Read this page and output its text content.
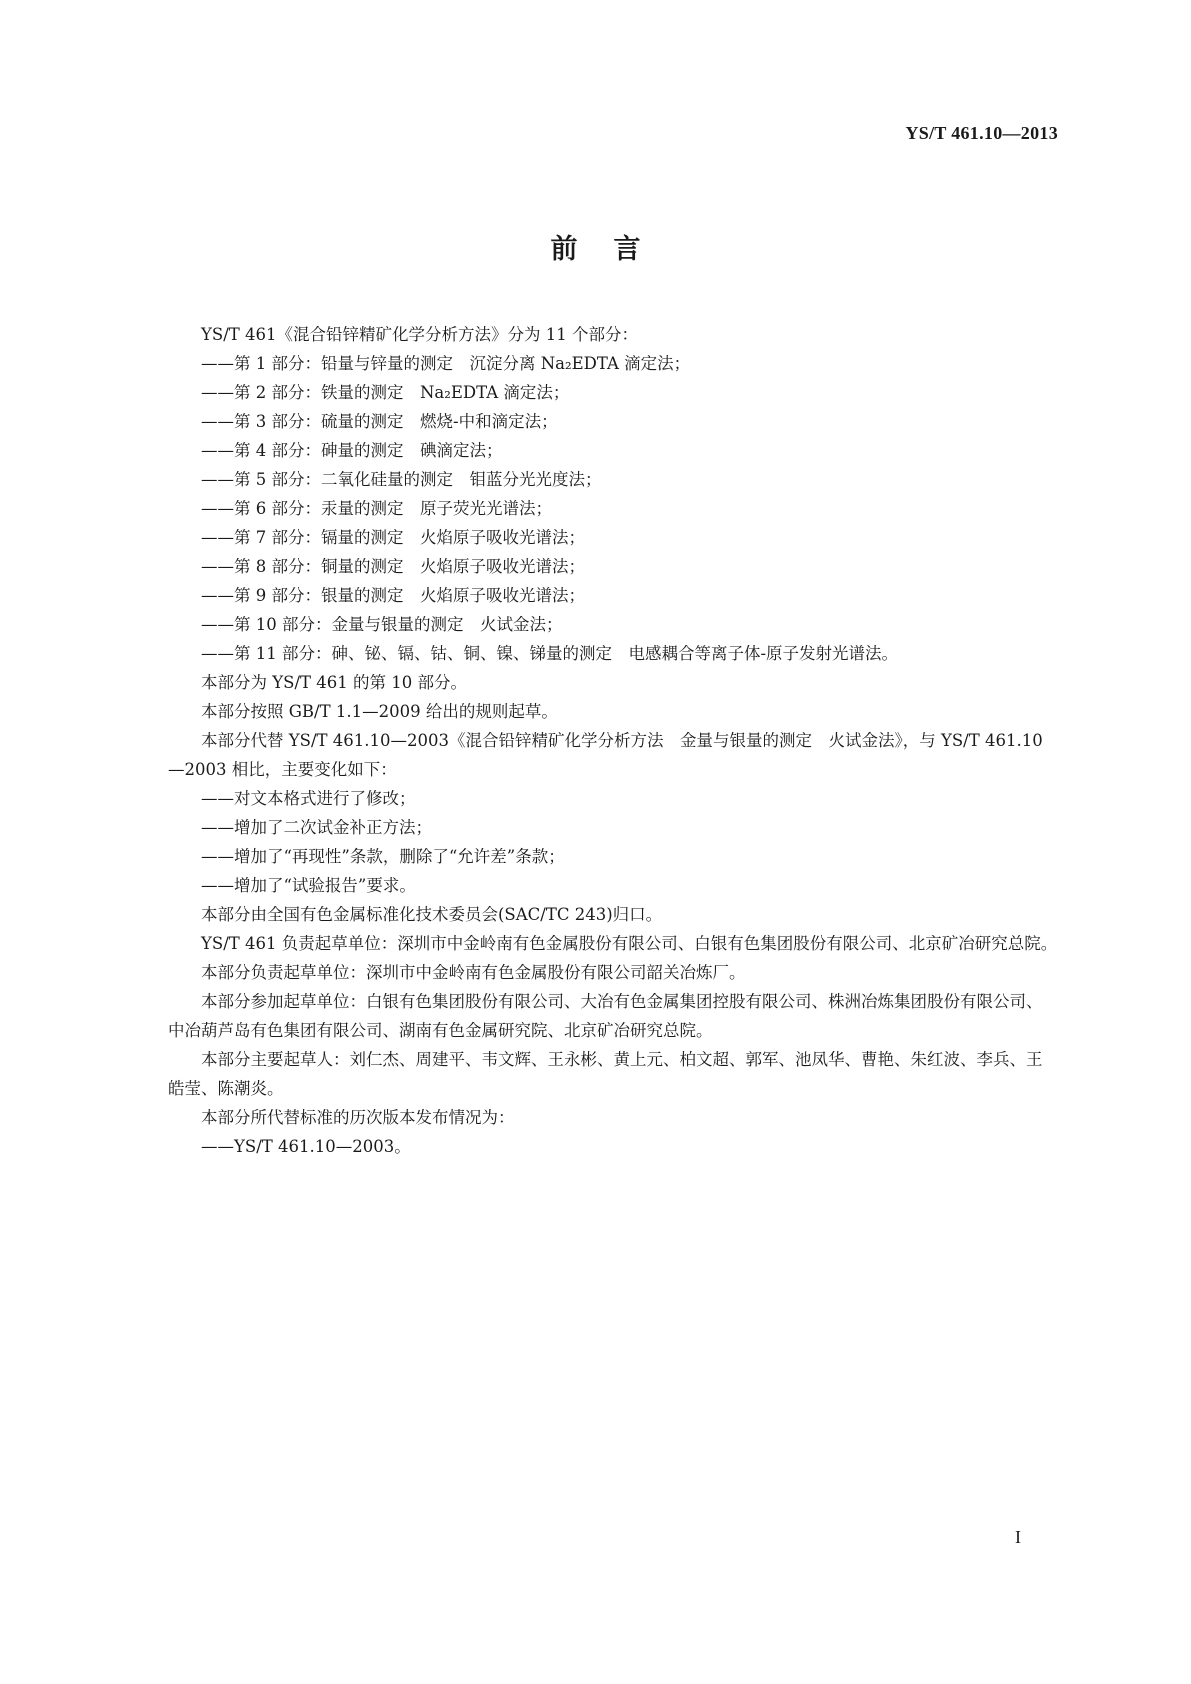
YS/T 461.10—2013
前言

YS/T 461《混合铅锌精矿化学分析方法》分为 11 个部分：

——第 1 部分：铅量与锌量的测定　沉淀分离 Na₂EDTA 滴定法；

——第 2 部分：铁量的测定　Na₂EDTA 滴定法；

——第 3 部分：硫量的测定　燃烧-中和滴定法；

——第 4 部分：砷量的测定　碘滴定法；

——第 5 部分：二氧化硅量的测定　钼蓝分光光度法；

——第 6 部分：汞量的测定　原子荧光光谱法；

——第 7 部分：镉量的测定　火焰原子吸收光谱法；

——第 8 部分：铜量的测定　火焰原子吸收光谱法；

——第 9 部分：银量的测定　火焰原子吸收光谱法；

——第 10 部分：金量与银量的测定　火试金法；

——第 11 部分：砷、铋、镉、钴、铜、镍、锑量的测定　电感耦合等离子体-原子发射光谱法。

本部分为 YS/T 461 的第 10 部分。

本部分按照 GB/T 1.1—2009 给出的规则起草。

本部分代替 YS/T 461.10—2003《混合铅锌精矿化学分析方法　金量与银量的测定　火试金法》，与 YS/T 461.10—2003 相比，主要变化如下：

——对文本格式进行了修改；

——增加了二次试金补正方法；

——增加了“再现性”条款，删除了“允许差”条款；

——增加了“试验报告”要求。

本部分由全国有色金属标准化技术委员会(SAC/TC 243)归口。

YS/T 461 负责起草单位：深圳市中金岭南有色金属股份有限公司、白银有色集团股份有限公司、北京矿冶研究总院。

本部分负责起草单位：深圳市中金岭南有色金属股份有限公司韶关冶炼厂。

本部分参加起草单位：白银有色集团股份有限公司、大冶有色金属集团控股有限公司、株洲冶炼集团股份有限公司、中冶葫芦岛有色集团有限公司、湖南有色金属研究院、北京矿冶研究总院。

本部分主要起草人：刘仁杰、周建平、韦文辉、王永彬、黄上元、柏文超、郭军、池凤华、曹艳、朱红波、李兵、王皓莹、陈潮炎。

本部分所代替标准的历次版本发布情况为：

——YS/T 461.10—2003。

I
